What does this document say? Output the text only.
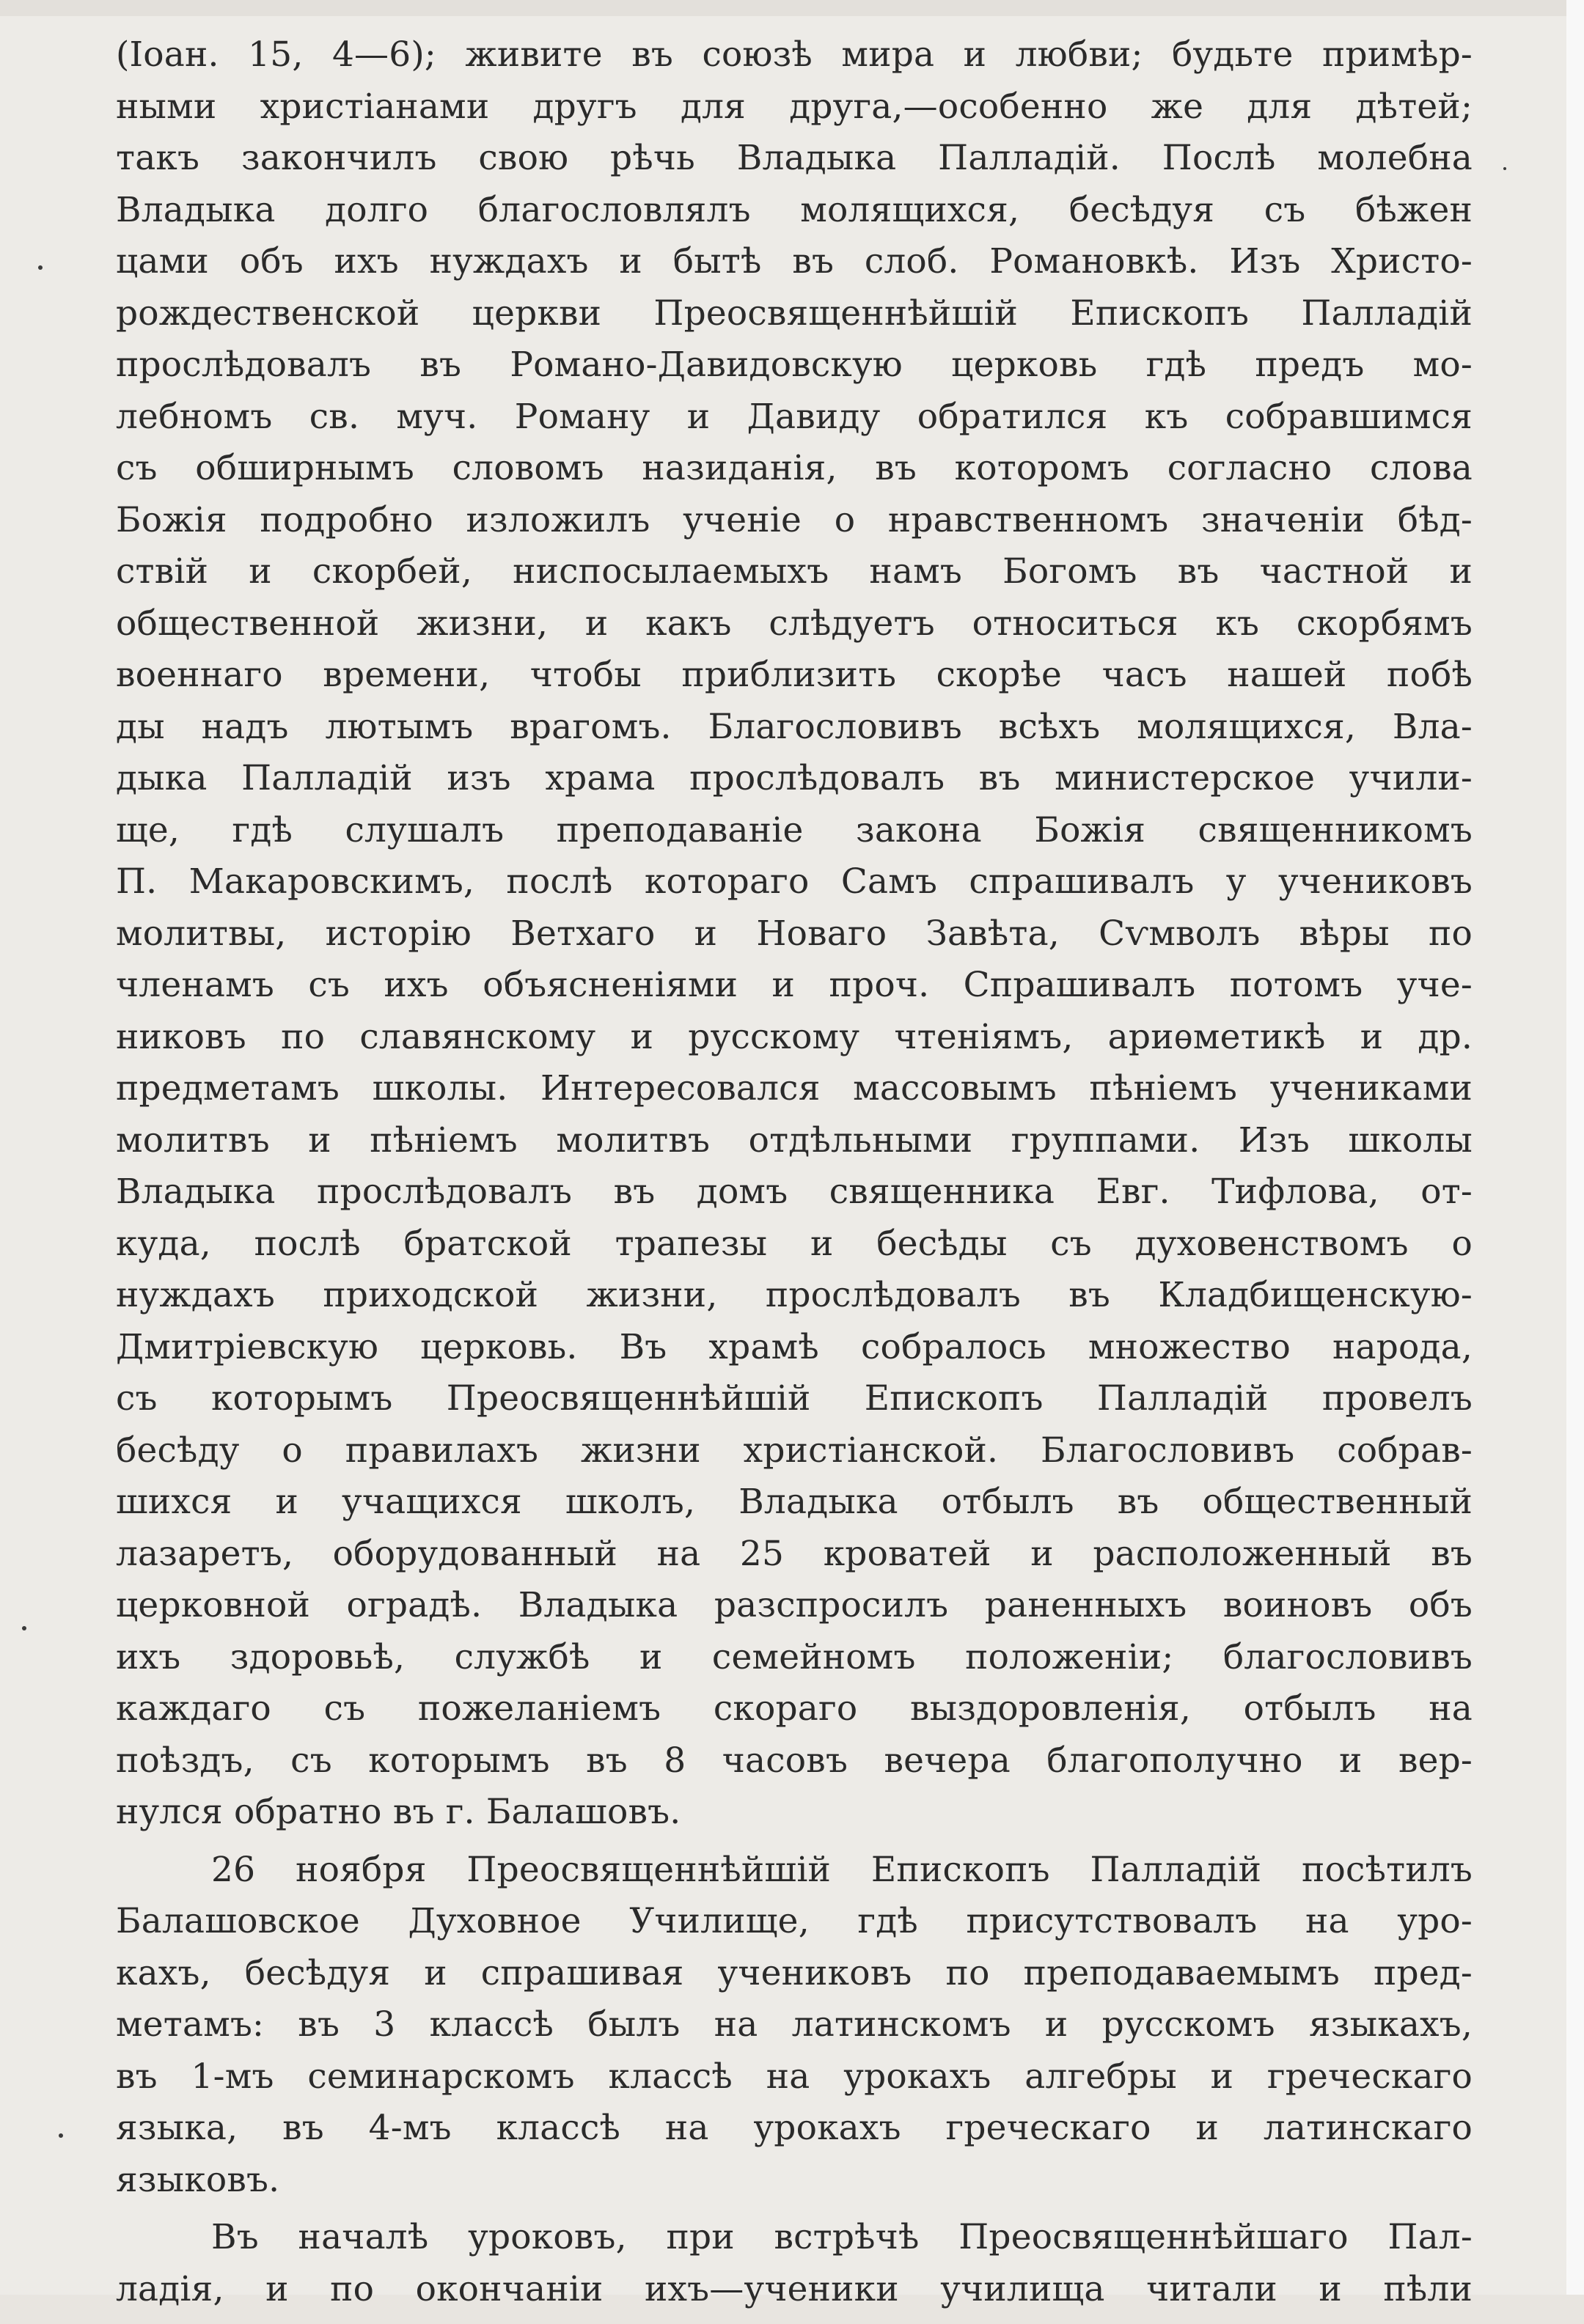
(Іоан. 15, 4—6); живите въ союзѣ мира и любви; будьте примѣр-
ными христіанами другъ для друга,—особенно же для дѣтей;
такъ закончилъ свою рѣчь Владыка Палладій. Послѣ молебна
Владыка долго благословлялъ молящихся, бесѣдуя съ бѣжен
цами объ ихъ нуждахъ и бытѣ въ слоб. Романовкѣ. Изъ Христо-
рождественской церкви Преосвященнѣйшій Епископъ Палладій
прослѣдовалъ въ Романо-Давидовскую церковь гдѣ предъ мо-
лебномъ св. муч. Роману и Давиду обратился къ собравшимся
съ обширнымъ словомъ назиданія, въ которомъ согласно слова
Божія подробно изложилъ ученіе о нравственномъ значеніи бѣд-
ствій и скорбей, ниспосылаемыхъ намъ Богомъ въ частной и
общественной жизни, и какъ слѣдуетъ относиться къ скорбямъ
военнаго времени, чтобы приблизить скорѣе часъ нашей побѣ
ды надъ лютымъ врагомъ. Благословивъ всѣхъ молящихся, Вла-
дыка Палладій изъ храма прослѣдовалъ въ министерское учили-
ще, гдѣ слушалъ преподаваніе закона Божія священникомъ
П. Макаровскимъ, послѣ котораго Самъ спрашивалъ у учениковъ
молитвы, исторію Ветхаго и Новаго Завѣта, Сѵмволъ вѣры по
членамъ съ ихъ объясненіями и проч. Спрашивалъ потомъ уче-
никовъ по славянскому и русскому чтеніямъ, ариѳметикѣ и др.
предметамъ школы. Интересовался массовымъ пѣніемъ учениками
молитвъ и пѣніемъ молитвъ отдѣльными группами. Изъ школы
Владыка прослѣдовалъ въ домъ священника Евг. Тифлова, от-
куда, послѣ братской трапезы и бесѣды съ духовенствомъ о
нуждахъ приходской жизни, прослѣдовалъ въ Кладбищенскую-
Дмитріевскую церковь. Въ храмѣ собралось множество народа,
съ которымъ Преосвященнѣйшій Епископъ Палладій провелъ
бесѣду о правилахъ жизни христіанской. Благословивъ собрав-
шихся и учащихся школъ, Владыка отбылъ въ общественный
лазаретъ, оборудованный на 25 кроватей и расположенный въ
церковной оградѣ. Владыка разспросилъ раненныхъ воиновъ объ
ихъ здоровьѣ, службѣ и семейномъ положеніи; благословивъ
каждаго съ пожеланіемъ скораго выздоровленія, отбылъ на
поѣздъ, съ которымъ въ 8 часовъ вечера благополучно и вер-
нулся обратно въ г. Балашовъ.
26 ноября Преосвященнѣйшій Епископъ Палладій посѣтилъ
Балашовское Духовное Училище, гдѣ присутствовалъ на уро-
кахъ, бесѣдуя и спрашивая учениковъ по преподаваемымъ пред-
метамъ: въ 3 классѣ былъ на латинскомъ и русскомъ языкахъ,
въ 1-мъ семинарскомъ классѣ на урокахъ алгебры и греческаго
языка, въ 4-мъ классѣ на урокахъ греческаго и латинскаго
языковъ.
Въ началѣ уроковъ, при встрѣчѣ Преосвященнѣйшаго Пал-
ладія, и по окончаніи ихъ—ученики училища читали и пѣли
